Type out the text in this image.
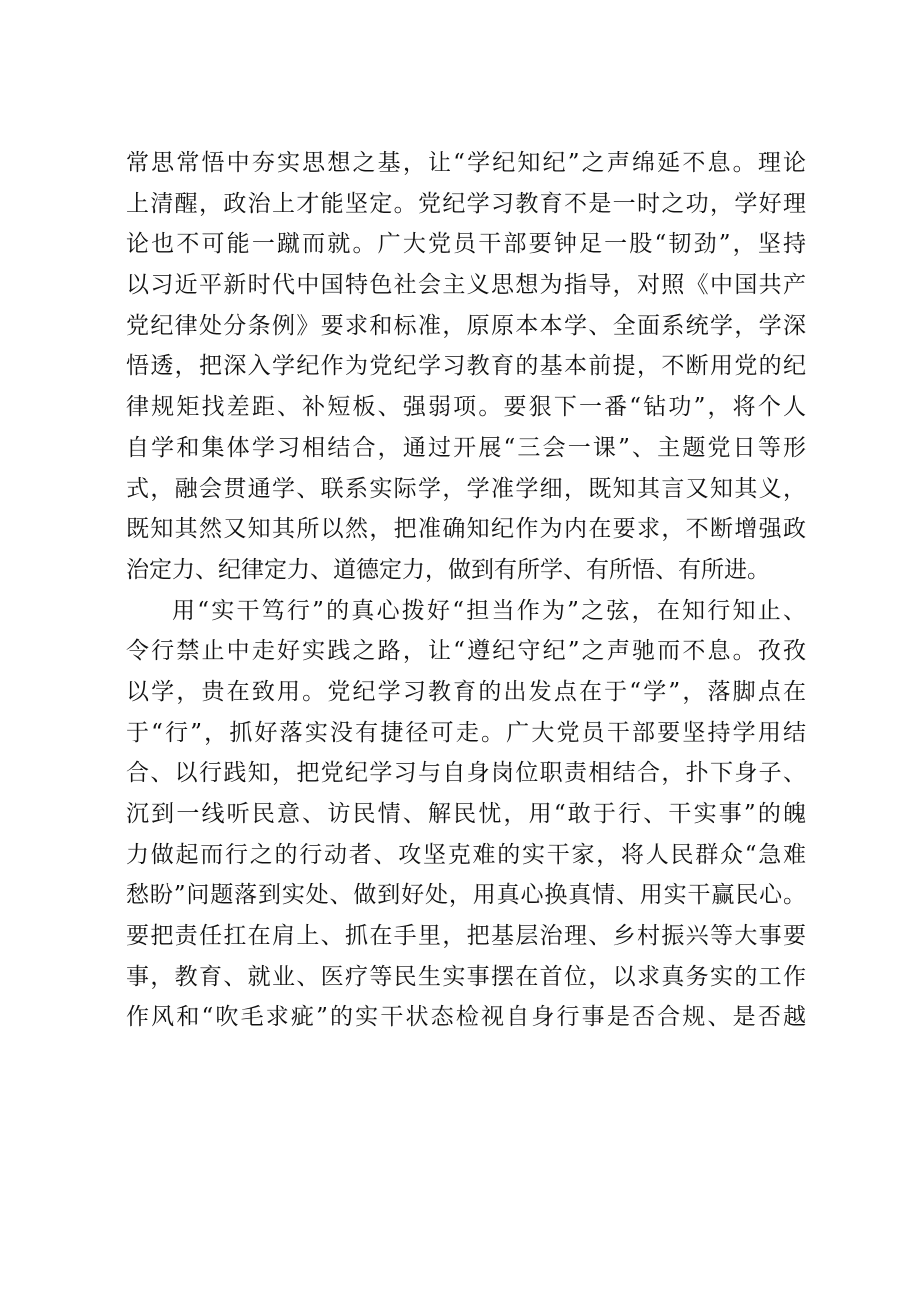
常思常悟中夯实思想之基，让“学纪知纪”之声绵延不息。理论
上清醒，政治上才能坚定。党纪学习教育不是一时之功，学好理
论也不可能一蹴而就。广大党员干部要钟足一股“韧劲”，坚持
以习近平新时代中国特色社会主义思想为指导，对照《中国共产
党纪律处分条例》要求和标准，原原本本学、全面系统学，学深
悟透，把深入学纪作为党纪学习教育的基本前提，不断用党的纪
律规矩找差距、补短板、强弱项。要狠下一番“钻功”，将个人
自学和集体学习相结合，通过开展“三会一课”、主题党日等形
式，融会贯通学、联系实际学，学准学细，既知其言又知其义，
既知其然又知其所以然，把准确知纪作为内在要求，不断增强政
治定力、纪律定力、道德定力，做到有所学、有所悟、有所进。
用“实干笃行”的真心拨好“担当作为”之弦，在知行知止、
令行禁止中走好实践之路，让“遵纪守纪”之声驰而不息。孜孜
以学，贵在致用。党纪学习教育的出发点在于“学”，落脚点在
于“行”，抓好落实没有捷径可走。广大党员干部要坚持学用结
合、以行践知，把党纪学习与自身岗位职责相结合，扑下身子、
沉到一线听民意、访民情、解民忧，用“敢于行、干实事”的魄
力做起而行之的行动者、攻坚克难的实干家，将人民群众“急难
愁盼”问题落到实处、做到好处，用真心换真情、用实干赢民心。
要把责任扛在肩上、抓在手里，把基层治理、乡村振兴等大事要
事，教育、就业、医疗等民生实事摆在首位，以求真务实的工作
作风和“吹毛求疵”的实干状态检视自身行事是否合规、是否越
